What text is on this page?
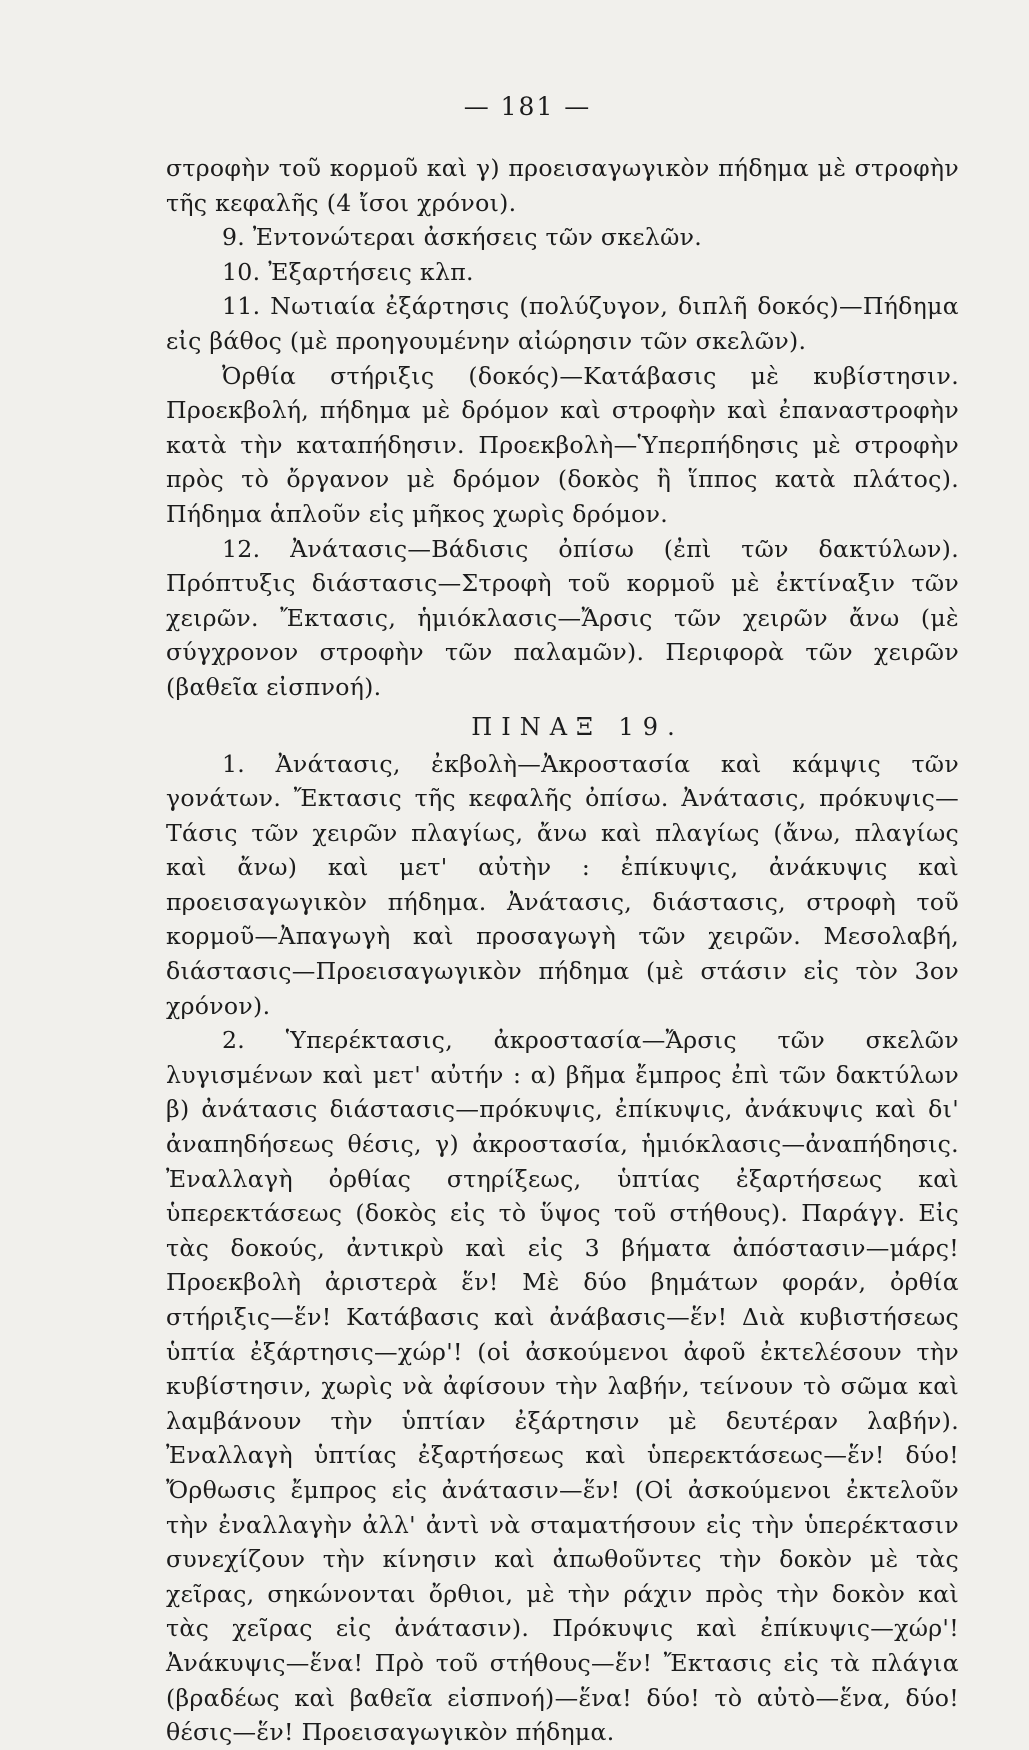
— 181 —

στροφὴν τοῦ κορμοῦ καὶ γ) προεισαγωγικὸν πήδημα μὲ στροφὴν τῆς κεφαλῆς (4 ἴσοι χρόνοι).

9. Ἐντονώτεραι ἀσκήσεις τῶν σκελῶν.

10. Ἐξαρτήσεις κλπ.

11. Νωτιαία ἐξάρτησις (πολύζυγον, διπλῆ δοκός)—Πήδημα εἰς βάθος (μὲ προηγουμένην αἰώρησιν τῶν σκελῶν).

Ὀρθία στήριξις (δοκός)—Κατάβασις μὲ κυβίστησιν. Προεκβολή, πήδημα μὲ δρόμον καὶ στροφὴν καὶ ἐπαναστροφὴν κατὰ τὴν καταπήδησιν. Προεκβολὴ—Ὑπερπήδησις μὲ στροφὴν πρὸς τὸ ὄργανον μὲ δρόμον (δοκὸς ἢ ἵππος κατὰ πλάτος). Πήδημα ἁπλοῦν εἰς μῆκος χωρὶς δρόμον.

12. Ἀνάτασις—Βάδισις ὀπίσω (ἐπὶ τῶν δακτύλων). Πρόπτυξις διάστασις—Στροφὴ τοῦ κορμοῦ μὲ ἐκτίναξιν τῶν χειρῶν. Ἔκτασις, ἡμιόκλασις—Ἄρσις τῶν χειρῶν ἄνω (μὲ σύγχρονον στροφὴν τῶν παλαμῶν). Περιφορὰ τῶν χειρῶν (βαθεῖα εἰσπνοή).

ΠΙΝΑΞ 19.

1. Ἀνάτασις, ἐκβολὴ—Ἀκροστασία καὶ κάμψις τῶν γονάτων. Ἔκτασις τῆς κεφαλῆς ὀπίσω. Ἀνάτασις, πρόκυψις—Τάσις τῶν χειρῶν πλαγίως, ἄνω καὶ πλαγίως (ἄνω, πλαγίως καὶ ἄνω) καὶ μετ' αὐτὴν : ἐπίκυψις, ἀνάκυψις καὶ προεισαγωγικὸν πήδημα. Ἀνάτασις, διάστασις, στροφὴ τοῦ κορμοῦ—Ἀπαγωγὴ καὶ προσαγωγὴ τῶν χειρῶν. Μεσολαβή, διάστασις—Προεισαγωγικὸν πήδημα (μὲ στάσιν εἰς τὸν 3ον χρόνον).

2. Ὑπερέκτασις, ἀκροστασία—Ἄρσις τῶν σκελῶν λυγισμένων καὶ μετ' αὐτήν : α) βῆμα ἔμπρος ἐπὶ τῶν δακτύλων β) ἀνάτασις διάστασις—πρόκυψις, ἐπίκυψις, ἀνάκυψις καὶ δι' ἀναπηδήσεως θέσις, γ) ἀκροστασία, ἡμιόκλασις—ἀναπήδησις. Ἐναλλαγὴ ὀρθίας στηρίξεως, ὑπτίας ἐξαρτήσεως καὶ ὑπερεκτάσεως (δοκὸς εἰς τὸ ὕψος τοῦ στήθους). Παράγγ. Εἰς τὰς δοκούς, ἀντικρὺ καὶ εἰς 3 βήματα ἀπόστασιν—μάρς! Προεκβολὴ ἀριστερὰ ἕν! Μὲ δύο βημάτων φοράν, ὀρθία στήριξις—ἕν! Κατάβασις καὶ ἀνάβασις—ἕν! Διὰ κυβιστήσεως ὑπτία ἐξάρτησις—χώρ'! (οἱ ἀσκούμενοι ἀφοῦ ἐκτελέσουν τὴν κυβίστησιν, χωρὶς νὰ ἀφίσουν τὴν λαβήν, τείνουν τὸ σῶμα καὶ λαμβάνουν τὴν ὑπτίαν ἐξάρτησιν μὲ δευτέραν λαβήν). Ἐναλλαγὴ ὑπτίας ἐξαρτήσεως καὶ ὑπερεκτάσεως—ἕν! δύο! Ὄρθωσις ἔμπρος εἰς ἀνάτασιν—ἕν! (Οἱ ἀσκούμενοι ἐκτελοῦν τὴν ἐναλλαγὴν ἀλλ' ἀντὶ νὰ σταματήσουν εἰς τὴν ὑπερέκτασιν συνεχίζουν τὴν κίνησιν καὶ ἀπωθοῦντες τὴν δοκὸν μὲ τὰς χεῖρας, σηκώνονται ὄρθιοι, μὲ τὴν ράχιν πρὸς τὴν δοκὸν καὶ τὰς χεῖρας εἰς ἀνάτασιν). Πρόκυψις καὶ ἐπίκυψις—χώρ'! Ἀνάκυψις—ἕνα! Πρὸ τοῦ στήθους—ἕν! Ἔκτασις εἰς τὰ πλάγια (βραδέως καὶ βαθεῖα εἰσπνοή)—ἕνα! δύο! τὸ αὐτὸ—ἕνα, δύο! θέσις—ἕν! Προεισαγωγικὸν πήδημα.
